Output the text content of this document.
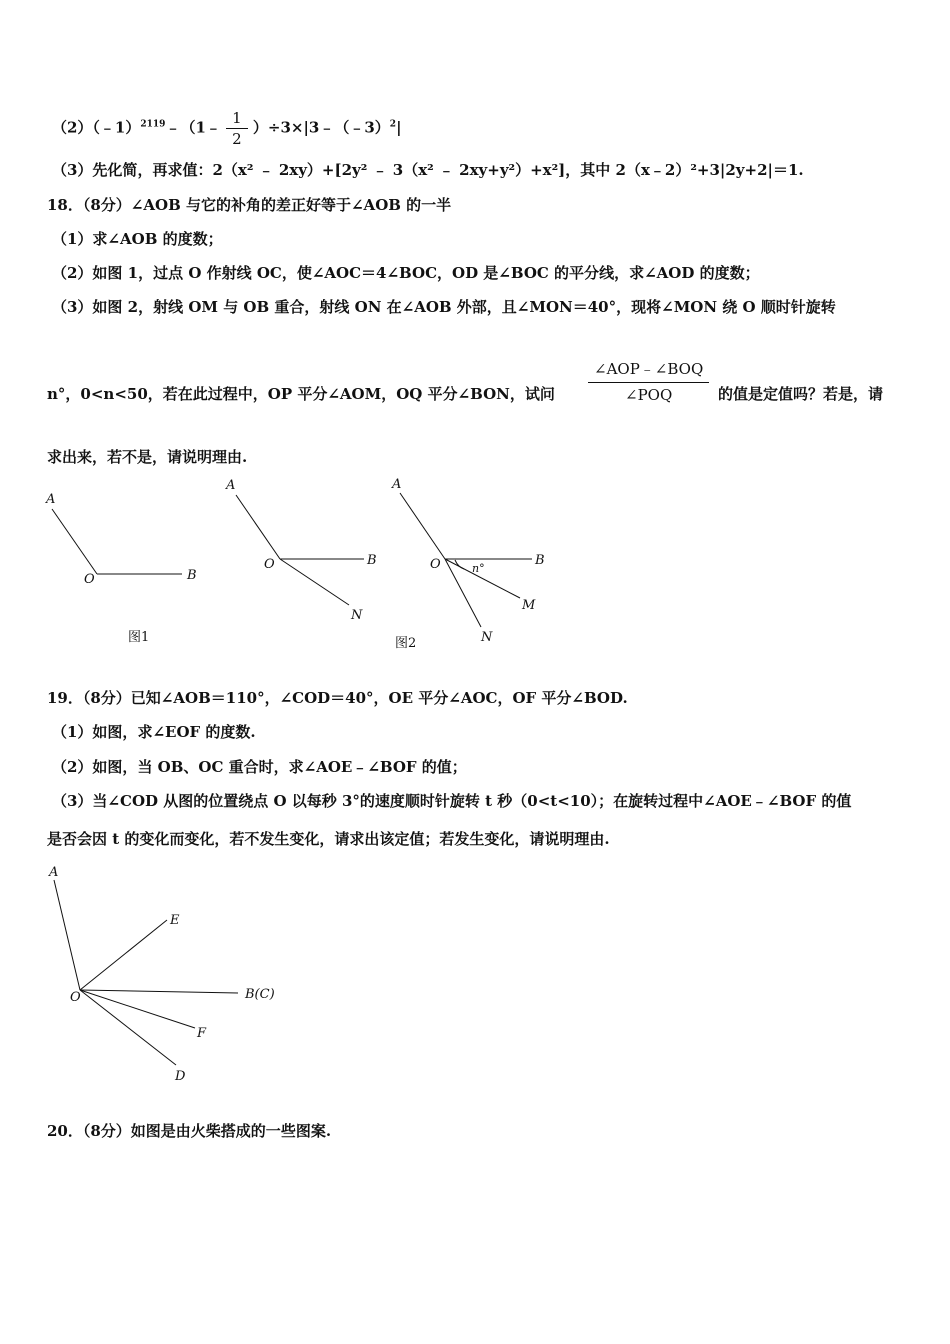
（2）（﹣1）$^{2119}$﹣（1﹣ $\frac{1}{2}$ ）÷3×|3﹣（﹣3）$^2$|
（3）先化简，再求值：2（x² ﹣ 2xy）+[2y² ﹣ 3（x² ﹣ 2xy+y²）+x²]，其中 2（x﹣2）²+3|2y+2|＝1.
18．（8分）∠AOB 与它的补角的差正好等于∠AOB 的一半
（1）求∠AOB 的度数；
（2）如图 1，过点 O 作射线 OC，使∠AOC＝4∠BOC，OD 是∠BOC 的平分线，求∠AOD 的度数；
（3）如图 2，射线 OM 与 OB 重合，射线 ON 在∠AOB 外部，且∠MON＝40°，现将∠MON 绕 O 顺时针旋转
n°，0<n<50，若在此过程中，OP 平分∠AOM，OQ 平分∠BON，试问
∠AOP﹣∠BOQ
∠POQ	的值是定值吗？若是，请
求出来，若不是，请说明理由.
A
O	B
图1
A
O	B
N
A
O	B
M
N
n°
图2
19．（8分）已知∠AOB＝110°，∠COD＝40°，OE 平分∠AOC，OF 平分∠BOD.
（1）如图，求∠EOF 的度数.
（2）如图，当 OB、OC 重合时，求∠AOE﹣∠BOF 的值；
（3）当∠COD 从图的位置绕点 O 以每秒 3°的速度顺时针旋转 t 秒（0<t<10）；在旋转过程中∠AOE﹣∠BOF 的值
是否会因 t 的变化而变化，若不发生变化，请求出该定值；若发生变化，请说明理由.
A
E
O	B(C)
F
D
20．（8分）如图是由火柴搭成的一些图案.
